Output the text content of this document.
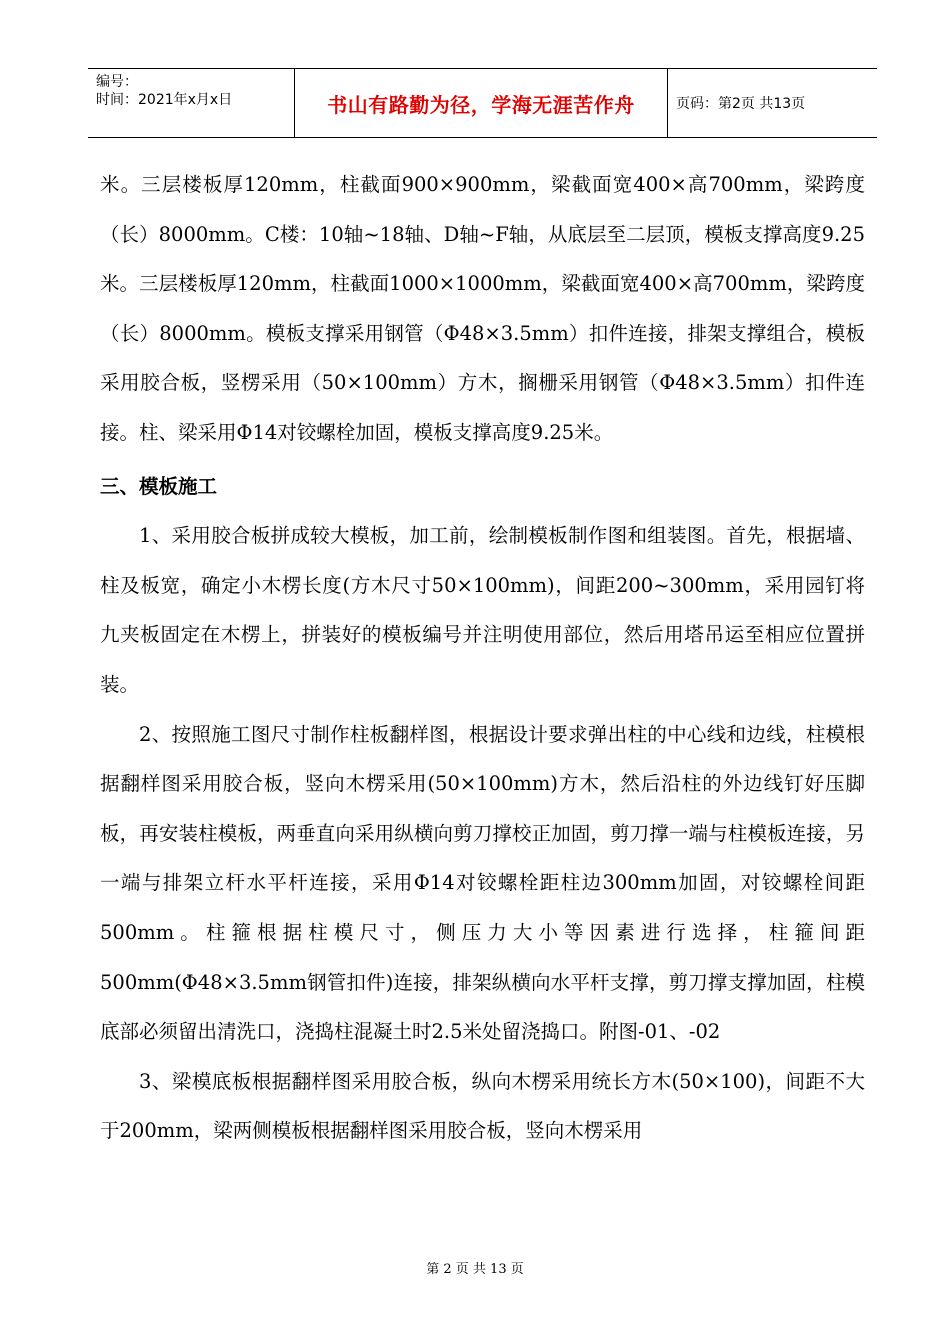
编号：
时间：2021年x月x日	书山有路勤为径，学海无涯苦作舟	页码：第2页 共13页

米。三层楼板厚120mm，柱截面900×900mm，梁截面宽400×高700mm，梁跨度（长）8000mm。C楼：10轴~18轴、D轴~F轴，从底层至二层顶，模板支撑高度9.25米。三层楼板厚120mm，柱截面1000×1000mm，梁截面宽400×高700mm，梁跨度（长）8000mm。模板支撑采用钢管（Φ48×3.5mm）扣件连接，排架支撑组合，模板采用胶合板，竖楞采用（50×100mm）方木，搁栅采用钢管（Φ48×3.5mm）扣件连接。柱、梁采用Φ14对铰螺栓加固，模板支撑高度9.25米。

三、模板施工

1、采用胶合板拼成较大模板，加工前，绘制模板制作图和组装图。首先，根据墙、柱及板宽，确定小木楞长度(方木尺寸50×100mm)，间距200~300mm，采用园钉将九夹板固定在木楞上，拼装好的模板编号并注明使用部位，然后用塔吊运至相应位置拼装。

2、按照施工图尺寸制作柱板翻样图，根据设计要求弹出柱的中心线和边线，柱模根据翻样图采用胶合板，竖向木楞采用(50×100mm)方木，然后沿柱的外边线钉好压脚板，再安装柱模板，两垂直向采用纵横向剪刀撑校正加固，剪刀撑一端与柱模板连接，另一端与排架立杆水平杆连接，采用Φ14对铰螺栓距柱边300mm加固，对铰螺栓间距500mm。柱箍根据柱模尺寸，侧压力大小等因素进行选择，柱箍间距500mm(Φ48×3.5mm钢管扣件)连接，排架纵横向水平杆支撑，剪刀撑支撑加固，柱模底部必须留出清洗口，浇捣柱混凝土时2.5米处留浇捣口。附图-01、-02

3、梁模底板根据翻样图采用胶合板，纵向木楞采用统长方木(50×100)，间距不大于200mm，梁两侧模板根据翻样图采用胶合板，竖向木楞采用

第 2 页 共 13 页
